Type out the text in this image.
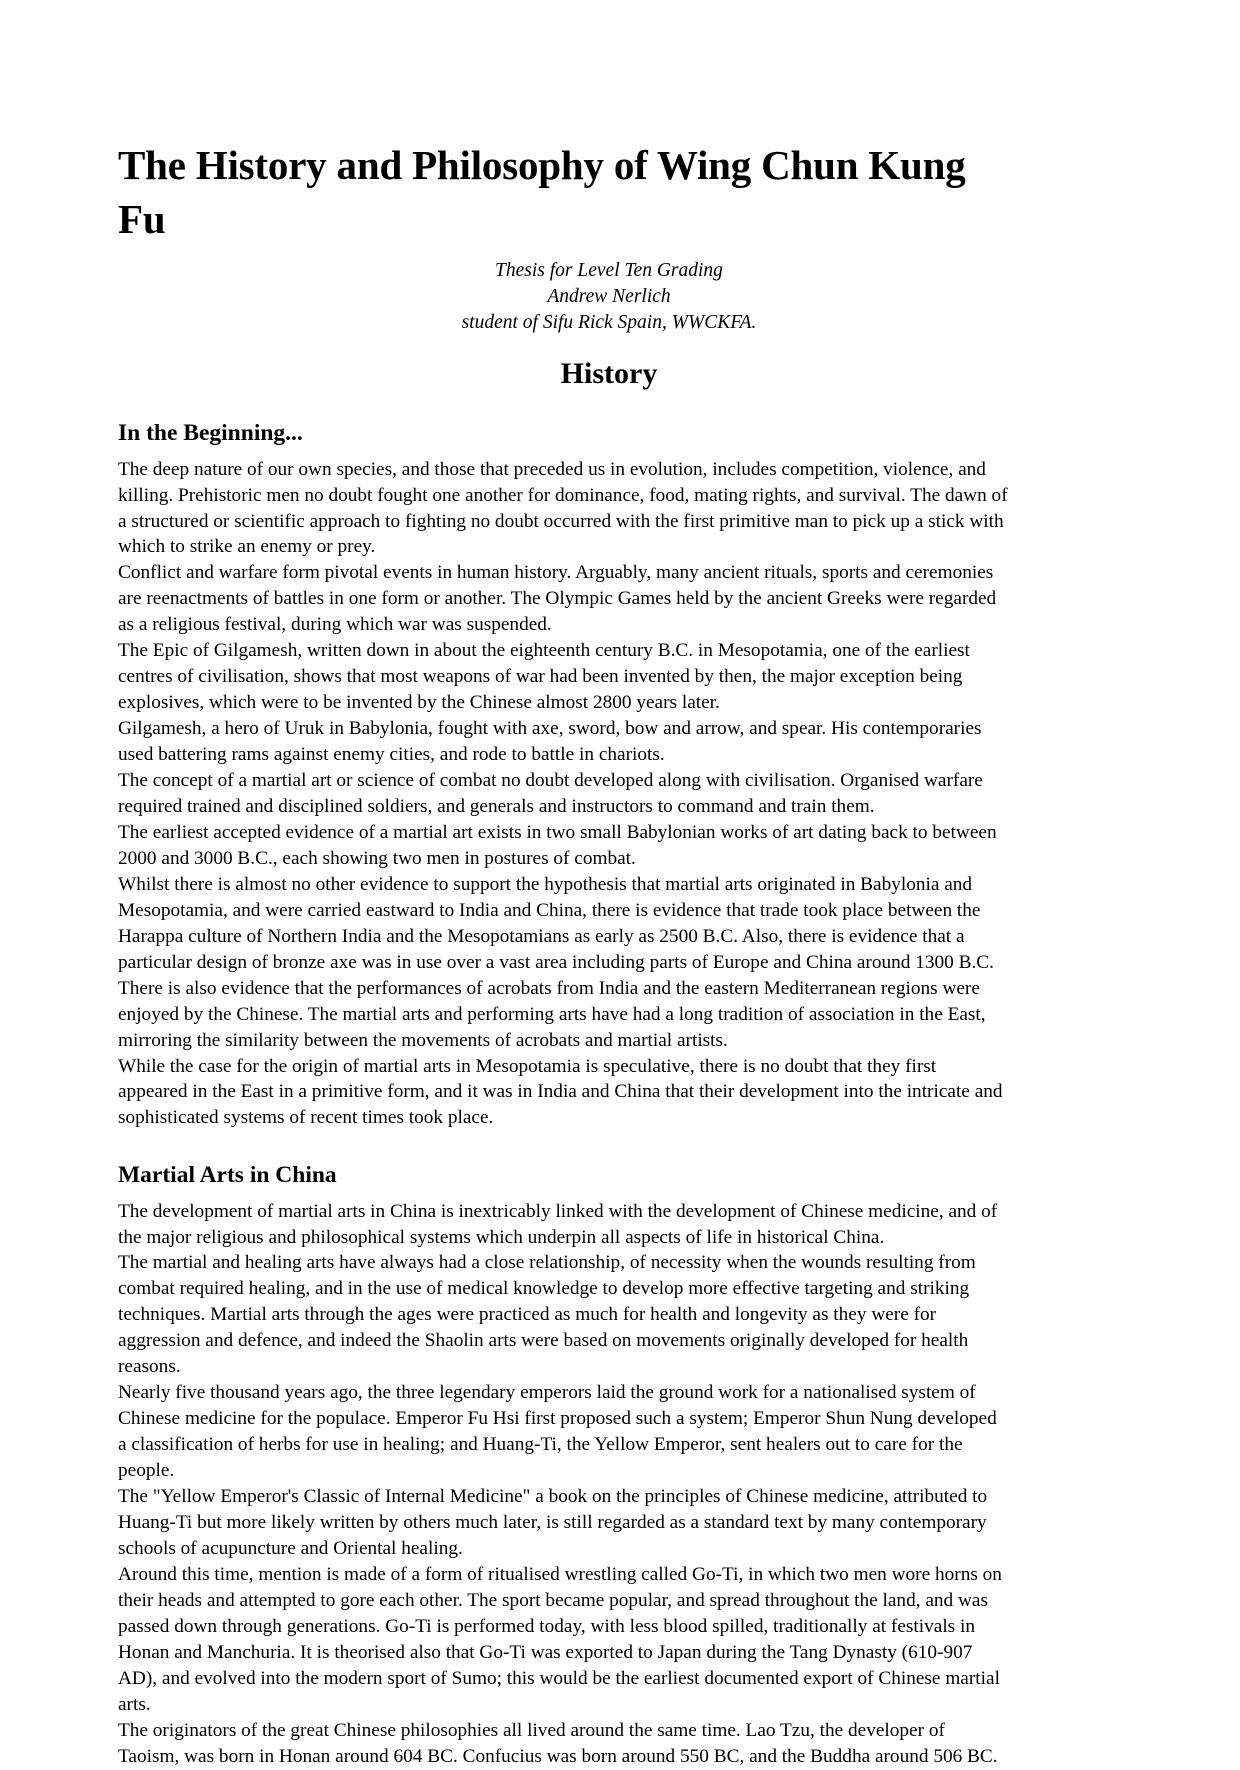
The History and Philosophy of Wing Chun Kung Fu
Thesis for Level Ten Grading
Andrew Nerlich
student of Sifu Rick Spain, WWCKFA.
History
In the Beginning...

The deep nature of our own species, and those that preceded us in evolution, includes competition, violence, and killing. Prehistoric men no doubt fought one another for dominance, food, mating rights, and survival. The dawn of a structured or scientific approach to fighting no doubt occurred with the first primitive man to pick up a stick with which to strike an enemy or prey.

Conflict and warfare form pivotal events in human history. Arguably, many ancient rituals, sports and ceremonies are reenactments of battles in one form or another. The Olympic Games held by the ancient Greeks were regarded as a religious festival, during which war was suspended.

The Epic of Gilgamesh, written down in about the eighteenth century B.C. in Mesopotamia, one of the earliest centres of civilisation, shows that most weapons of war had been invented by then, the major exception being explosives, which were to be invented by the Chinese almost 2800 years later.

Gilgamesh, a hero of Uruk in Babylonia, fought with axe, sword, bow and arrow, and spear. His contemporaries used battering rams against enemy cities, and rode to battle in chariots.

The concept of a martial art or science of combat no doubt developed along with civilisation. Organised warfare required trained and disciplined soldiers, and generals and instructors to command and train them.

The earliest accepted evidence of a martial art exists in two small Babylonian works of art dating back to between 2000 and 3000 B.C., each showing two men in postures of combat.

Whilst there is almost no other evidence to support the hypothesis that martial arts originated in Babylonia and Mesopotamia, and were carried eastward to India and China, there is evidence that trade took place between the Harappa culture of Northern India and the Mesopotamians as early as 2500 B.C. Also, there is evidence that a particular design of bronze axe was in use over a vast area including parts of Europe and China around 1300 B.C. There is also evidence that the performances of acrobats from India and the eastern Mediterranean regions were enjoyed by the Chinese. The martial arts and performing arts have had a long tradition of association in the East, mirroring the similarity between the movements of acrobats and martial artists.

While the case for the origin of martial arts in Mesopotamia is speculative, there is no doubt that they first appeared in the East in a primitive form, and it was in India and China that their development into the intricate and sophisticated systems of recent times took place.

Martial Arts in China

The development of martial arts in China is inextricably linked with the development of Chinese medicine, and of the major religious and philosophical systems which underpin all aspects of life in historical China.

The martial and healing arts have always had a close relationship, of necessity when the wounds resulting from combat required healing, and in the use of medical knowledge to develop more effective targeting and striking techniques. Martial arts through the ages were practiced as much for health and longevity as they were for aggression and defence, and indeed the Shaolin arts were based on movements originally developed for health reasons.

Nearly five thousand years ago, the three legendary emperors laid the ground work for a nationalised system of Chinese medicine for the populace. Emperor Fu Hsi first proposed such a system; Emperor Shun Nung developed a classification of herbs for use in healing; and Huang-Ti, the Yellow Emperor, sent healers out to care for the people.

The "Yellow Emperor's Classic of Internal Medicine" a book on the principles of Chinese medicine, attributed to Huang-Ti but more likely written by others much later, is still regarded as a standard text by many contemporary schools of acupuncture and Oriental healing.

Around this time, mention is made of a form of ritualised wrestling called Go-Ti, in which two men wore horns on their heads and attempted to gore each other. The sport became popular, and spread throughout the land, and was passed down through generations. Go-Ti is performed today, with less blood spilled, traditionally at festivals in Honan and Manchuria. It is theorised also that Go-Ti was exported to Japan during the Tang Dynasty (610-907 AD), and evolved into the modern sport of Sumo; this would be the earliest documented export of Chinese martial arts.

The originators of the great Chinese philosophies all lived around the same time. Lao Tzu, the developer of Taoism, was born in Honan around 604 BC. Confucius was born around 550 BC, and the Buddha around 506 BC.
